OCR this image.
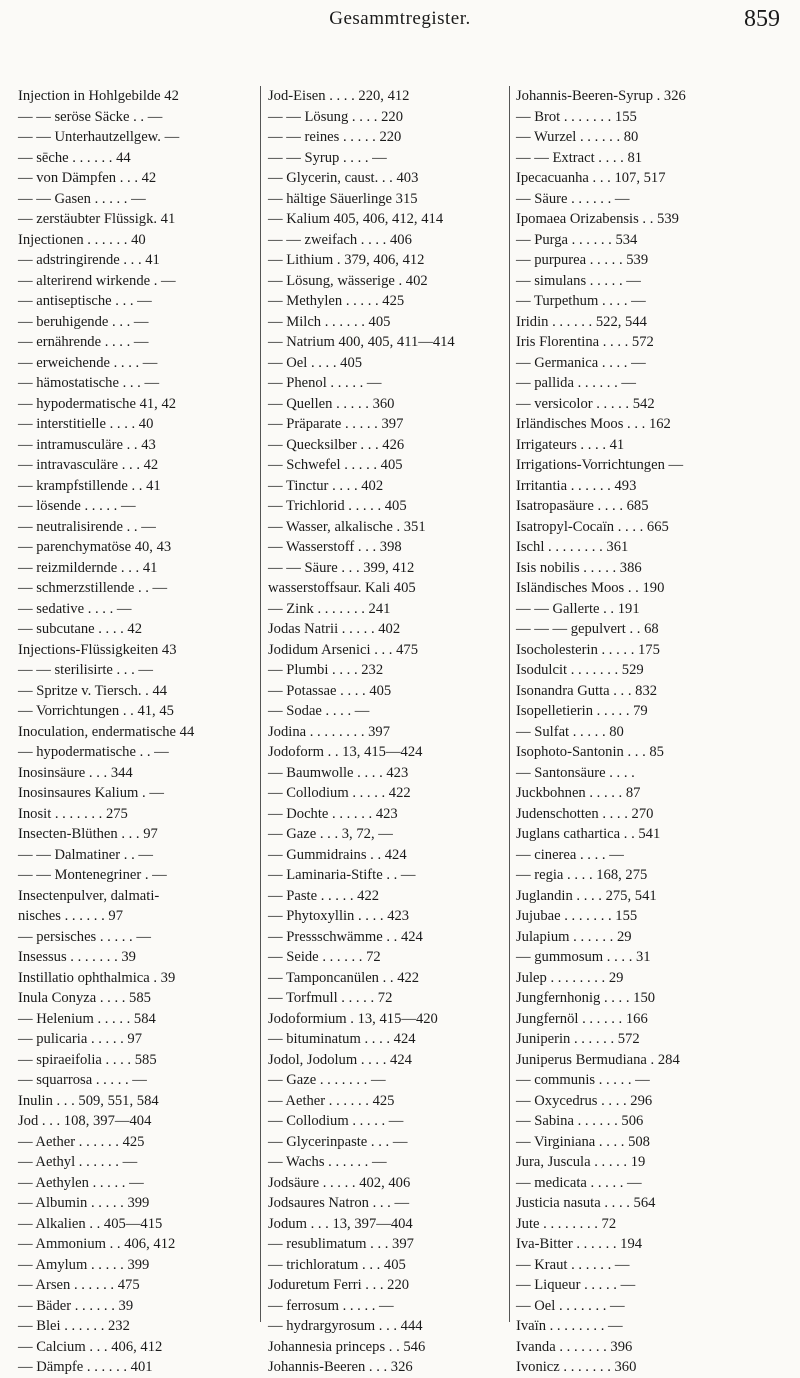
Gesammtregister.	859
Injection in Hohlgebilde 42
— — seröse Säcke . . —
— — Unterhautzellgew. —
— sēche . . . . . . 44
— von Dämpfen . . . 42
— — Gasen . . . . . —
— zerstäubter Flüssigk. 41
Injectionen . . . . . . 40
— adstringirende . . . 41
— alterirend wirkende . —
— antiseptische . . . —
— beruhigende . . . —
— ernährende . . . . —
— erweichende . . . . —
— hämostatische . . . —
— hypodermatische 41, 42
— interstitielle . . . . 40
— intramusculäre . . 43
— intravasculäre . . . 42
— krampfstillende . . 41
— lösende . . . . . —
— neutralisirende . . —
— parenchymatöse 40, 43
— reizmildernde . . . 41
— schmerzstillende . . —
— sedative . . . . —
— subcutane . . . . 42
Injections-Flüssigkeiten 43
— — sterilisirte . . . —
— Spritze v. Tiersch. . 44
— Vorrichtungen . . 41, 45
Inoculation, endermatische 44
— hypodermatische . . —
Inosinsäure . . . 344
Inosinsaures Kalium . —
Inosit . . . . . . . 275
Insecten-Blüthen . . . 97
— — Dalmatiner . . —
— — Montenegriner . —
Insectenpulver, dalmati-
nisches . . . . . . 97
— persisches . . . . . —
Insessus . . . . . . . 39
Instillatio ophthalmica . 39
Inula Conyza . . . . 585
— Helenium . . . . . 584
— pulicaria . . . . . 97
— spiraeifolia . . . . 585
— squarrosa . . . . . —
Inulin . . . 509, 551, 584
Jod . . . 108, 397—404
— Aether . . . . . . 425
— Aethyl . . . . . . —
— Aethylen . . . . . —
— Albumin . . . . . 399
— Alkalien . . 405—415
— Ammonium . . 406, 412
— Amylum . . . . . 399
— Arsen . . . . . . 475
— Bäder . . . . . . 39
— Blei . . . . . . 232
— Calcium . . . 406, 412
— Dämpfe . . . . . . 401
Jod-Eisen . . . . 220, 412
— — Lösung . . . . 220
— — reines . . . . . 220
— — Syrup . . . . —
— Glycerin, caust. . . 403
— hältige Säuerlinge 315
— Kalium 405, 406, 412, 414
— — zweifach . . . . 406
— Lithium . 379, 406, 412
— Lösung, wässerige . 402
— Methylen . . . . . 425
— Milch . . . . . . 405
— Natrium 400, 405, 411—414
— Oel . . . . 405
— Phenol . . . . . —
— Quellen . . . . . 360
— Präparate . . . . . 397
— Quecksilber . . . 426
— Schwefel . . . . . 405
— Tinctur . . . . 402
— Trichlorid . . . . . 405
— Wasser, alkalische . 351
— Wasserstoff . . . 398
— — Säure . . . 399, 412
wasserstoffsaur. Kali 405
— Zink . . . . . . . 241
Jodas Natrii . . . . . 402
Jodidum Arsenici . . . 475
— Plumbi . . . . 232
— Potassae . . . . 405
— Sodae . . . . —
Jodina . . . . . . . . 397
Jodoform . . 13, 415—424
— Baumwolle . . . . 423
— Collodium . . . . . 422
— Dochte . . . . . . 423
— Gaze . . . 3, 72, —
— Gummidrains . . 424
— Laminaria-Stifte . . —
— Paste . . . . . 422
— Phytoxyllin . . . . 423
— Pressschwämme . . 424
— Seide . . . . . . 72
— Tamponcanülen . . 422
— Torfmull . . . . . 72
Jodoformium . 13, 415—420
— bituminatum . . . . 424
Jodol, Jodolum . . . . 424
— Gaze . . . . . . . —
— Aether . . . . . . 425
— Collodium . . . . . —
— Glycerinpaste . . . —
— Wachs . . . . . . —
Jodsäure . . . . . 402, 406
Jodsaures Natron . . . —
Jodum . . . 13, 397—404
— resublimatum . . . 397
— trichloratum . . . 405
Joduretum Ferri . . . 220
— ferrosum . . . . . —
— hydrargyrosum . . . 444
Johannesia princeps . . 546
Johannis-Beeren . . . 326
Johannis-Beeren-Syrup . 326
— Brot . . . . . . . 155
— Wurzel . . . . . . 80
— — Extract . . . . 81
Ipecacuanha . . . 107, 517
— Säure . . . . . . —
Ipomaea Orizabensis . . 539
— Purga . . . . . . 534
— purpurea . . . . . 539
— simulans . . . . . —
— Turpethum . . . . —
Iridin . . . . . . 522, 544
Iris Florentina . . . . 572
— Germanica . . . . —
— pallida . . . . . . —
— versicolor . . . . . 542
Irländisches Moos . . . 162
Irrigateurs . . . . 41
Irrigations-Vorrichtungen —
Irritantia . . . . . . 493
Isatropasäure . . . . 685
Isatropyl-Cocaïn . . . . 665
Ischl . . . . . . . . 361
Isis nobilis . . . . . 386
Isländisches Moos . . 190
— — Gallerte . . 191
— — — gepulvert . . 68
Isocholesterin . . . . . 175
Isodulcit . . . . . . . 529
Isonandra Gutta . . . 832
Isopelletierin . . . . . 79
— Sulfat . . . . . 80
Isophoto-Santonin . . . 85
— Santonsäure . . . .
Juckbohnen . . . . . 87
Judenschotten . . . . 270
Juglans cathartica . . 541
— cinerea . . . . —
— regia . . . . 168, 275
Juglandin . . . . 275, 541
Jujubae . . . . . . . 155
Julapium . . . . . . 29
— gummosum . . . . 31
Julep . . . . . . . . 29
Jungfernhonig . . . . 150
Jungfernöl . . . . . . 166
Juniperin . . . . . . 572
Juniperus Bermudiana . 284
— communis . . . . . —
— Oxycedrus . . . . 296
— Sabina . . . . . . 506
— Virginiana . . . . 508
Jura, Juscula . . . . . 19
— medicata . . . . . —
Justicia nasuta . . . . 564
Jute . . . . . . . . 72
Iva-Bitter . . . . . . 194
— Kraut . . . . . . —
— Liqueur . . . . . —
— Oel . . . . . . . —
Ivaïn . . . . . . . . —
Ivanda . . . . . . . 396
Ivonicz . . . . . . . 360
